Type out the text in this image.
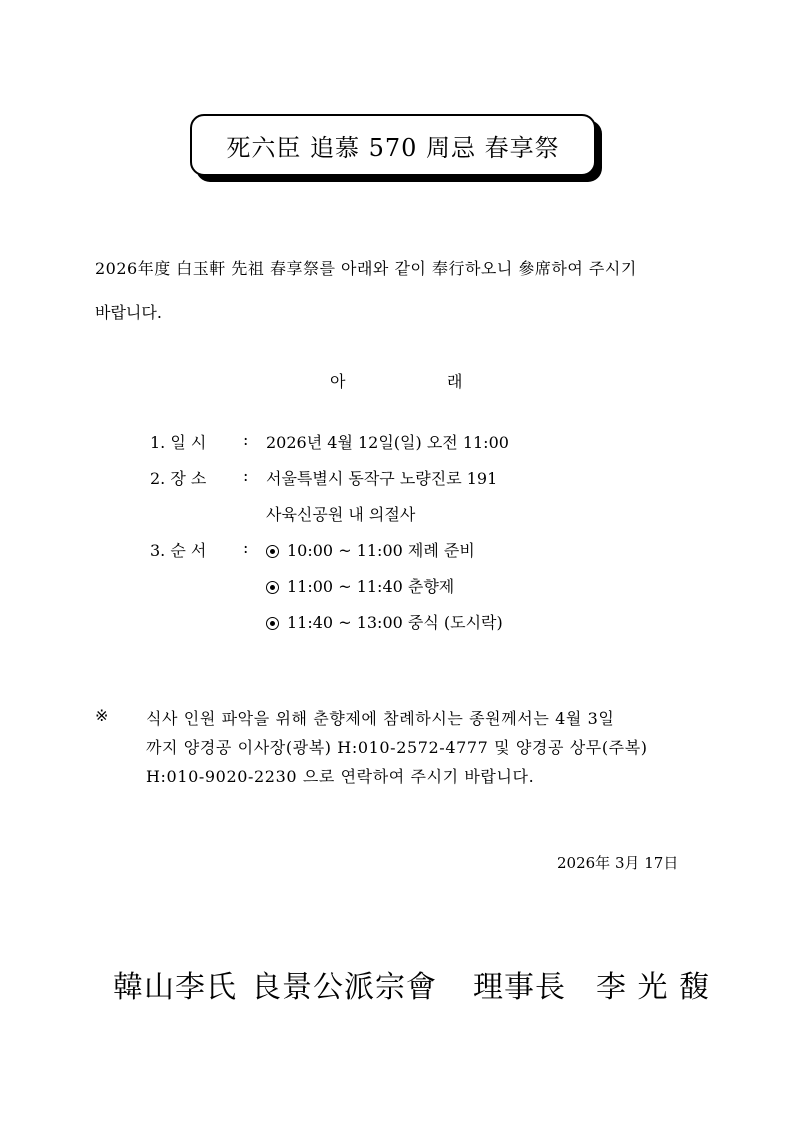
死六臣 追慕 570 周忌 春享祭
2026年度 白玉軒 先祖 春享祭를 아래와 같이 奉行하오니 參席하여 주시기
바랍니다.
아	래
1. 일 시 : 2026년 4월 12일(일) 오전 11:00
2. 장 소 : 서울특별시 동작구 노량진로 191
사육신공원 내 의절사
3. 순 서 :	10:00 ~ 11:00 제례 준비
11:00 ~ 11:40 춘향제
11:40 ~ 13:00 중식 (도시락)
※ 식사 인원 파악을 위해 춘향제에 참례하시는 종원께서는 4월 3일
까지 양경공 이사장(광복) H:010-2572-4777 및 양경공 상무(주복)
H:010-9020-2230 으로 연락하여 주시기 바랍니다.
2026年 3月 17日
韓山李氏 良景公派宗會 理事長 李 光 馥
